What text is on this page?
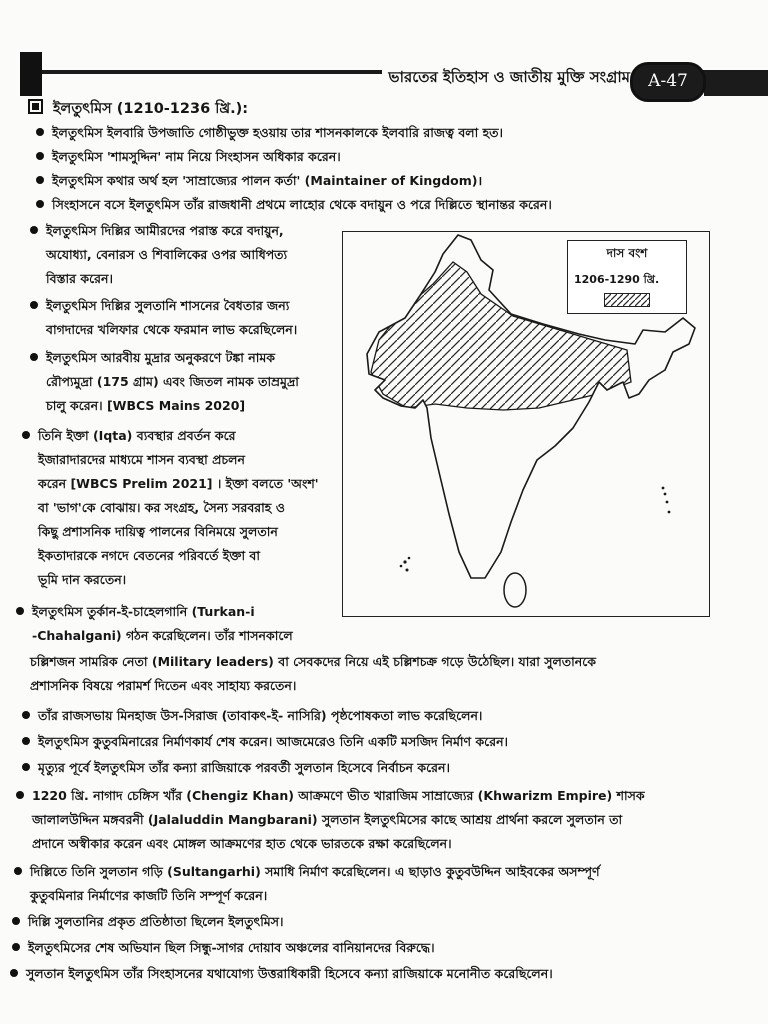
ভারতের ইতিহাস ও জাতীয় মুক্তি সংগ্রাম	A-47
ইলতুৎমিস (1210-1236 খ্রি.):
ইলতুৎমিস ইলবারি উপজাতি গোষ্ঠীভুক্ত হওয়ায় তার শাসনকালকে ইলবারি রাজত্ব বলা হত।
ইলতুৎমিস 'শামসুদ্দিন' নাম নিয়ে সিংহাসন অধিকার করেন।
ইলতুৎমিস কথার অর্থ হল 'সাম্রাজ্যের পালন কর্তা' (Maintainer of Kingdom)।
সিংহাসনে বসে ইলতুৎমিস তাঁর রাজধানী প্রথমে লাহোর থেকে বদায়ুন ও পরে দিল্লিতে স্থানান্তর করেন।
ইলতুৎমিস দিল্লির আমীরদের পরাস্ত করে বদায়ুন,
অযোধ্যা, বেনারস ও শিবালিকের ওপর আধিপত্য
বিস্তার করেন।
ইলতুৎমিস দিল্লির সুলতানি শাসনের বৈধতার জন্য
বাগদাদের খলিফার থেকে ফরমান লাভ করেছিলেন।
ইলতুৎমিস আরবীয় মুদ্রার অনুকরণে টঙ্কা নামক
রৌপ্যমুদ্রা (175 গ্রাম) এবং জিতল নামক তাম্রমুদ্রা
চালু করেন। [WBCS Mains 2020]
তিনি ইক্তা (Iqta) ব্যবস্থার প্রবর্তন করে
ইজারাদারদের মাধ্যমে শাসন ব্যবস্থা প্রচলন
করেন [WBCS Prelim 2021] । ইক্তা বলতে 'অংশ'
বা 'ভাগ'কে বোঝায়। কর সংগ্রহ, সৈন্য সরবরাহ ও
কিছু প্রশাসনিক দায়িত্ব পালনের বিনিময়ে সুলতান
ইকতাদারকে নগদে বেতনের পরিবর্তে ইক্তা বা
ভূমি দান করতেন।
ইলতুৎমিস তুর্কান-ই-চাহেলগানি (Turkan-i
-Chahalgani) গঠন করেছিলেন। তাঁর শাসনকালে
চল্লিশজন সামরিক নেতা (Military leaders) বা সেবকদের নিয়ে এই চল্লিশচক্র গড়ে উঠেছিল। যারা সুলতানকে
প্রশাসনিক বিষয়ে পরামর্শ দিতেন এবং সাহায্য করতেন।
তাঁর রাজসভায় মিনহাজ উস-সিরাজ (তাবাকৎ-ই- নাসিরি) পৃষ্ঠপোষকতা লাভ করেছিলেন।
ইলতুৎমিস কুতুবমিনারের নির্মাণকার্য শেষ করেন। আজমেরেও তিনি একটি মসজিদ নির্মাণ করেন।
মৃত্যুর পূর্বে ইলতুৎমিস তাঁর কন্যা রাজিয়াকে পরবর্তী সুলতান হিসেবে নির্বাচন করেন।
1220 খ্রি. নাগাদ চেঙ্গিস খাঁর (Chengiz Khan) আক্রমণে ভীত খারাজিম সাম্রাজ্যের (Khwarizm Empire) শাসক
জালালউদ্দিন মঙ্গবরনী (Jalaluddin Mangbarani) সুলতান ইলতুৎমিসের কাছে আশ্রয় প্রার্থনা করলে সুলতান তা
প্রদানে অস্বীকার করেন এবং মোঙ্গল আক্রমণের হাত থেকে ভারতকে রক্ষা করেছিলেন।
দিল্লিতে তিনি সুলতান গড়ি (Sultangarhi) সমাধি নির্মাণ করেছিলেন। এ ছাড়াও কুতুবউদ্দিন আইবকের অসম্পূর্ণ
কুতুবমিনার নির্মাণের কাজটি তিনি সম্পূর্ণ করেন।
দিল্লি সুলতানির প্রকৃত প্রতিষ্ঠাতা ছিলেন ইলতুৎমিস।
ইলতুৎমিসের শেষ অভিযান ছিল সিন্ধু-সাগর দোয়াব অঞ্চলের বানিয়ানদের বিরুদ্ধে।
সুলতান ইলতুৎমিস তাঁর সিংহাসনের যথাযোগ্য উত্তরাধিকারী হিসেবে কন্যা রাজিয়াকে মনোনীত করেছিলেন।
দাস বংশ
1206-1290 খ্রি.
